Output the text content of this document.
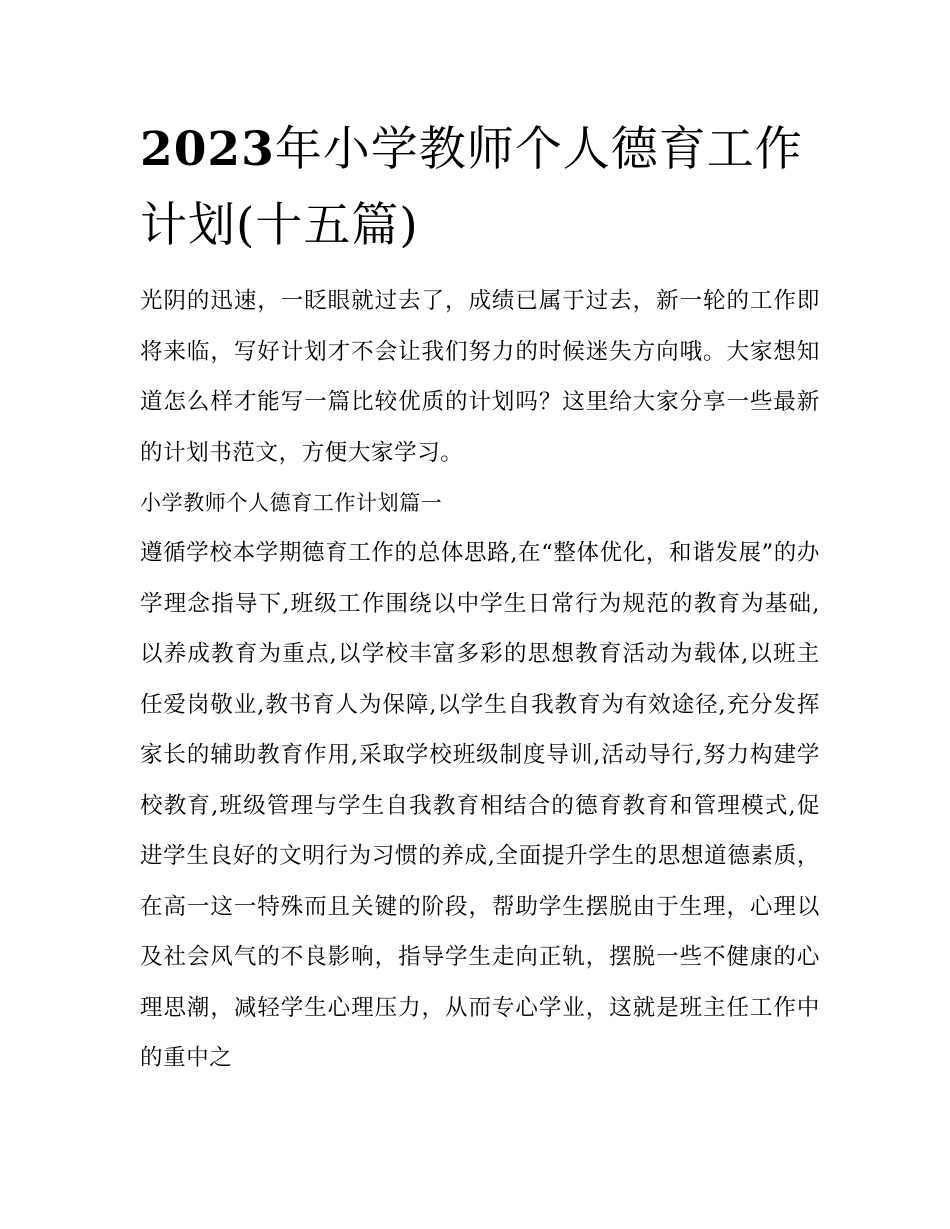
2023年小学教师个人德育工作计划(十五篇)

光阴的迅速，一眨眼就过去了，成绩已属于过去，新一轮的工作即将来临，写好计划才不会让我们努力的时候迷失方向哦。大家想知道怎么样才能写一篇比较优质的计划吗？这里给大家分享一些最新的计划书范文，方便大家学习。

小学教师个人德育工作计划篇一

遵循学校本学期德育工作的总体思路,在“整体优化，和谐发展”的办学理念指导下,班级工作围绕以中学生日常行为规范的教育为基础,以养成教育为重点,以学校丰富多彩的思想教育活动为载体,以班主任爱岗敬业,教书育人为保障,以学生自我教育为有效途径,充分发挥家长的辅助教育作用,采取学校班级制度导训,活动导行,努力构建学校教育,班级管理与学生自我教育相结合的德育教育和管理模式,促进学生良好的文明行为习惯的养成,全面提升学生的思想道德素质，在高一这一特殊而且关键的阶段，帮助学生摆脱由于生理，心理以及社会风气的不良影响，指导学生走向正轨，摆脱一些不健康的心理思潮，减轻学生心理压力，从而专心学业，这就是班主任工作中的重中之
